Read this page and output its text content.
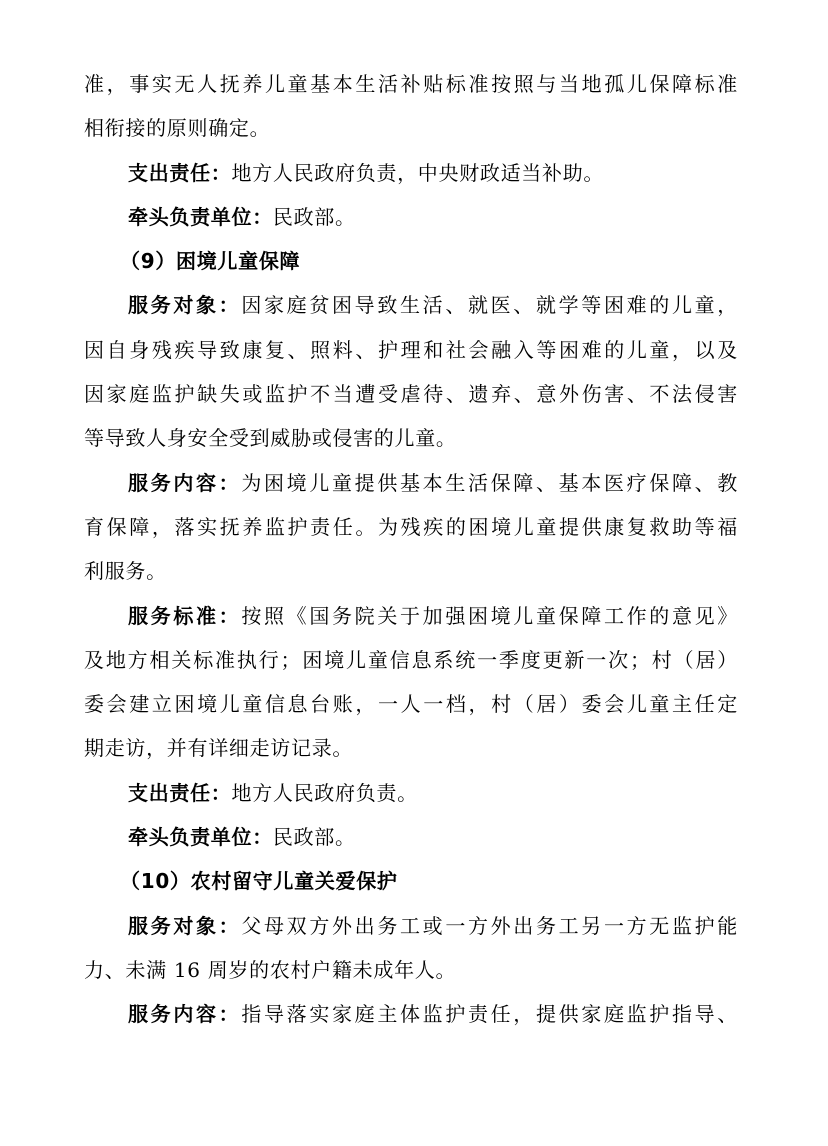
准，事实无人抚养儿童基本生活补贴标准按照与当地孤儿保障标准
相衔接的原则确定。
支出责任：地方人民政府负责，中央财政适当补助。
牵头负责单位：民政部。
（9）困境儿童保障
服务对象：因家庭贫困导致生活、就医、就学等困难的儿童，
因自身残疾导致康复、照料、护理和社会融入等困难的儿童，以及
因家庭监护缺失或监护不当遭受虐待、遗弃、意外伤害、不法侵害
等导致人身安全受到威胁或侵害的儿童。
服务内容：为困境儿童提供基本生活保障、基本医疗保障、教
育保障，落实抚养监护责任。为残疾的困境儿童提供康复救助等福
利服务。
服务标准：按照《国务院关于加强困境儿童保障工作的意见》
及地方相关标准执行；困境儿童信息系统一季度更新一次；村（居）
委会建立困境儿童信息台账，一人一档，村（居）委会儿童主任定
期走访，并有详细走访记录。
支出责任：地方人民政府负责。
牵头负责单位：民政部。
（10）农村留守儿童关爱保护
服务对象：父母双方外出务工或一方外出务工另一方无监护能
力、未满 16 周岁的农村户籍未成年人。
服务内容：指导落实家庭主体监护责任，提供家庭监护指导、
